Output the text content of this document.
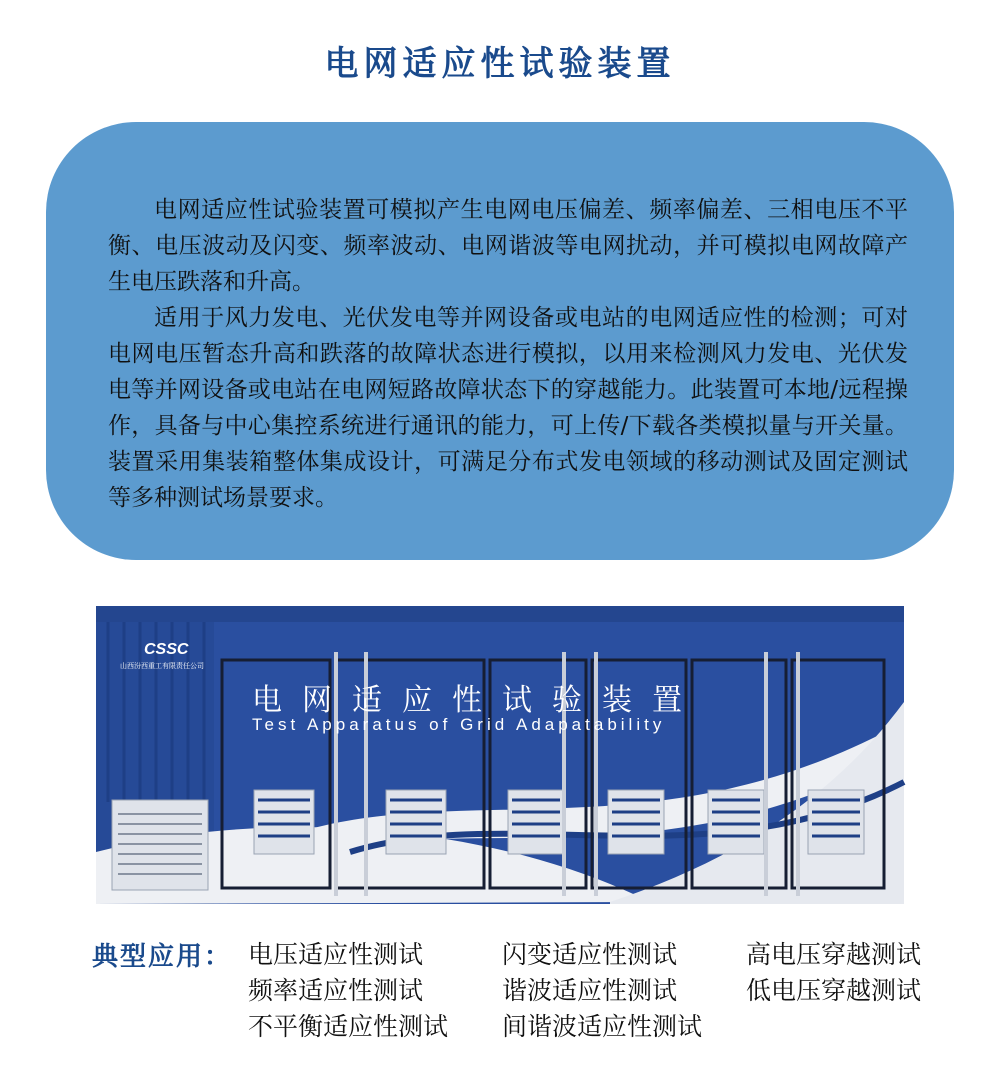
电网适应性试验装置

电网适应性试验装置可模拟产生电网电压偏差、频率偏差、三相电压不平衡、电压波动及闪变、频率波动、电网谐波等电网扰动，并可模拟电网故障产生电压跌落和升高。

适用于风力发电、光伏发电等并网设备或电站的电网适应性的检测；可对电网电压暂态升高和跌落的故障状态进行模拟，以用来检测风力发电、光伏发电等并网设备或电站在电网短路故障状态下的穿越能力。此装置可本地/远程操作，具备与中心集控系统进行通讯的能力，可上传/下载各类模拟量与开关量。装置采用集装箱整体集成设计，可满足分布式发电领域的移动测试及固定测试等多种测试场景要求。

CSSC
山西汾西重工有限责任公司
电网适应性试验装置
Test Apparatus of Grid Adapatability
典型应用： 电压适应性测试	闪变适应性测试	高电压穿越测试
频率适应性测试	谐波适应性测试	低电压穿越测试
不平衡适应性测试	间谐波适应性测试
